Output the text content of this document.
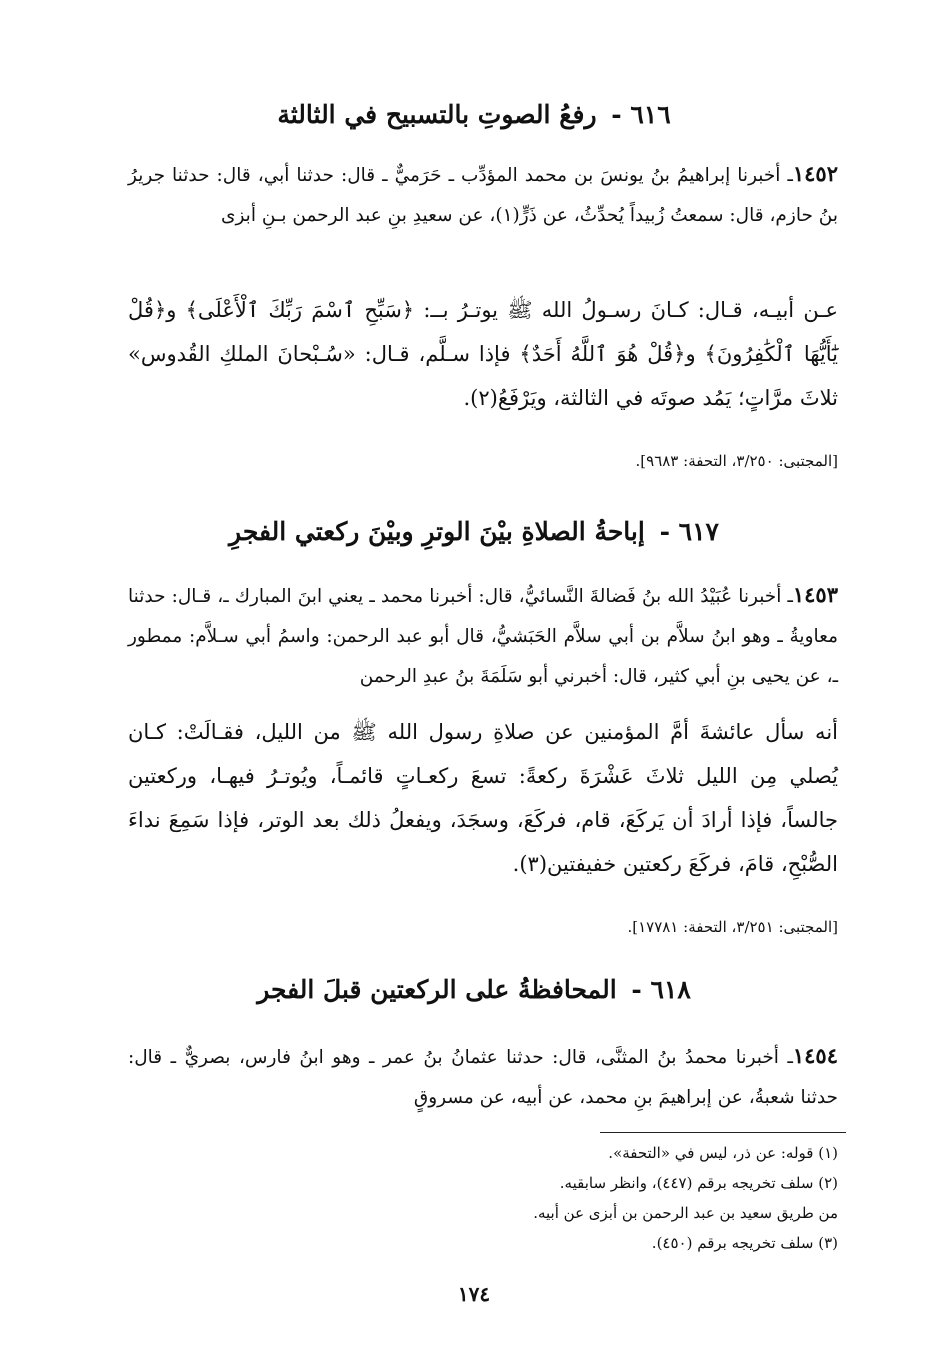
٦١٦ - رفعُ الصوتِ بالتسبيح في الثالثة
١٤٥٢ـ أخبرنا إبراهيمُ بنُ يونسَ بن محمد المؤدِّب ـ حَرَميٌّ ـ قال: حدثنا أبي، قال: حدثنا جريرُ بنُ حازم، قال: سمعتُ زُبيداً يُحدِّثُ، عن ذَرٍّ(١)، عن سعيدِ بنِ عبد الرحمن بـنِ أبزى
عـن أبيـه، قـال: كـانَ رسـولُ الله ﷺ يوتـرُ بــ: ﴿سَبِّحِ ٱسْمَ رَبِّكَ ٱلْأَعْلَى﴾ و﴿قُلْ يَٰٓأَيُّهَا ٱلْكَٰفِرُونَ﴾ و﴿قُلْ هُوَ ٱللَّهُ أَحَدٌ﴾ فإذا سـلَّم، قـال: «سُـبْحانَ الملكِ القُدوس» ثلاثَ مرَّاتٍ؛ يَمُد صوتَه في الثالثة، ويَرْفَعُ(٢).
[المجتبى: ٣/٢٥٠، التحفة: ٩٦٨٣].
٦١٧ - إباحةُ الصلاةِ بيْنَ الوترِ وبيْنَ ركعتي الفجرِ
١٤٥٣ـ أخبرنا عُبَيْدُ الله بنُ فَضالةَ النَّسائيُّ، قال: أخبرنا محمد ـ يعني ابنَ المبارك ـ، قـال: حدثنا معاويةُ ـ وهو ابنُ سلاَّم بن أبي سلاَّم الحَبَشيُّ، قال أبو عبد الرحمن: واسمُ أبي سـلاَّم: ممطور ـ، عن يحيى بنِ أبي كثير، قال: أخبرني أبو سَلَمَةَ بنُ عبدِ الرحمن
أنه سأل عائشةَ أمَّ المؤمنين عن صلاةِ رسول الله ﷺ من الليل، فقـالَتْ: كـان يُصلي مِن الليل ثلاثَ عَشْرَةَ ركعةً: تسعَ ركعـاتٍ قائمـاً، ويُوتـرُ فيهـا، وركعتين جالساً، فإذا أرادَ أن يَركَعَ، قام، فركَعَ، وسجَدَ، ويفعلُ ذلك بعد الوتر، فإذا سَمِعَ نداءَ الصُّبْحِ، قامَ، فركَعَ ركعتين خفيفتين(٣).
[المجتبى: ٣/٢٥١، التحفة: ١٧٧٨١].
٦١٨ - المحافظةُ على الركعتين قبلَ الفجر
١٤٥٤ـ أخبرنا محمدُ بنُ المثنَّى، قال: حدثنا عثمانُ بنُ عمر ـ وهو ابنُ فارس، بصريٌّ ـ قال: حدثنا شعبةُ، عن إبراهيمَ بنِ محمد، عن أبيه، عن مسروقٍ
(١) قوله: عن ذر، ليس في «التحفة».
(٢) سلف تخريجه برقم (٤٤٧)، وانظر سابقيه.
من طريق سعيد بن عبد الرحمن بن أبزى عن أبيه.
(٣) سلف تخريجه برقم (٤٥٠).
١٧٤
